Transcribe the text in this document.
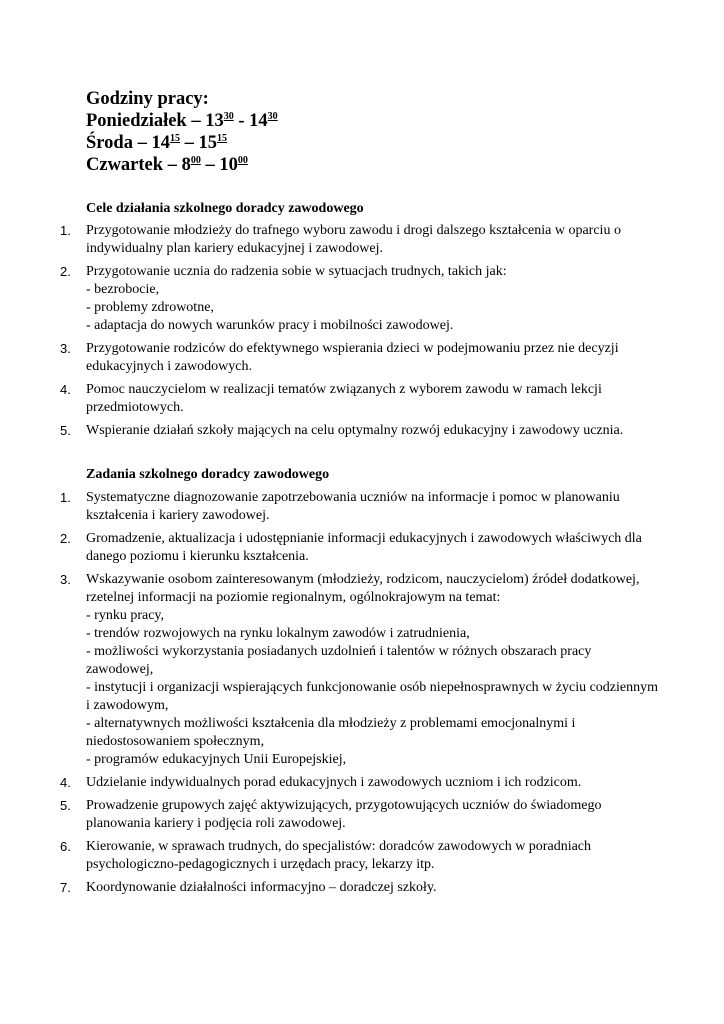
Godziny pracy:
Poniedziałek – $13^{30} - 14^{30}$
Środa – $14^{15} - 15^{15}$
Czwartek – $8^{00} - 10^{00}$
Cele działania szkolnego doradcy zawodowego
1. Przygotowanie młodzieży do trafnego wyboru zawodu i drogi dalszego kształcenia w oparciu o
indywidualny plan kariery edukacyjnej i zawodowej.
2. Przygotowanie ucznia do radzenia sobie w sytuacjach trudnych, takich jak:
- bezrobocie,
- problemy zdrowotne,
- adaptacja do nowych warunków pracy i mobilności zawodowej.
3. Przygotowanie rodziców do efektywnego wspierania dzieci w podejmowaniu przez nie decyzji
edukacyjnych i zawodowych.
4. Pomoc nauczycielom w realizacji tematów związanych z wyborem zawodu w ramach lekcji
przedmiotowych.
5. Wspieranie działań szkoły mających na celu optymalny rozwój edukacyjny i zawodowy ucznia.
Zadania szkolnego doradcy zawodowego
1. Systematyczne diagnozowanie zapotrzebowania uczniów na informacje i pomoc w planowaniu
kształcenia i kariery zawodowej.
2. Gromadzenie, aktualizacja i udostępnianie informacji edukacyjnych i zawodowych właściwych dla
danego poziomu i kierunku kształcenia.
3. Wskazywanie osobom zainteresowanym (młodzieży, rodzicom, nauczycielom) źródeł dodatkowej,
rzetelnej informacji na poziomie regionalnym, ogólnokrajowym na temat:
- rynku pracy,
- trendów rozwojowych na rynku lokalnym zawodów i zatrudnienia,
- możliwości wykorzystania posiadanych uzdolnień i talentów w różnych obszarach pracy
zawodowej,
- instytucji i organizacji wspierających funkcjonowanie osób niepełnosprawnych w życiu codziennym
i zawodowym,
- alternatywnych możliwości kształcenia dla młodzieży z problemami emocjonalnymi i
niedostosowaniem społecznym,
- programów edukacyjnych Unii Europejskiej,
4. Udzielanie indywidualnych porad edukacyjnych i zawodowych uczniom i ich rodzicom.
5. Prowadzenie grupowych zajęć aktywizujących, przygotowujących uczniów do świadomego
planowania kariery i podjęcia roli zawodowej.
6. Kierowanie, w sprawach trudnych, do specjalistów: doradców zawodowych w poradniach
psychologiczno-pedagogicznych i urzędach pracy, lekarzy itp.
7. Koordynowanie działalności informacyjno – doradczej szkoły.
